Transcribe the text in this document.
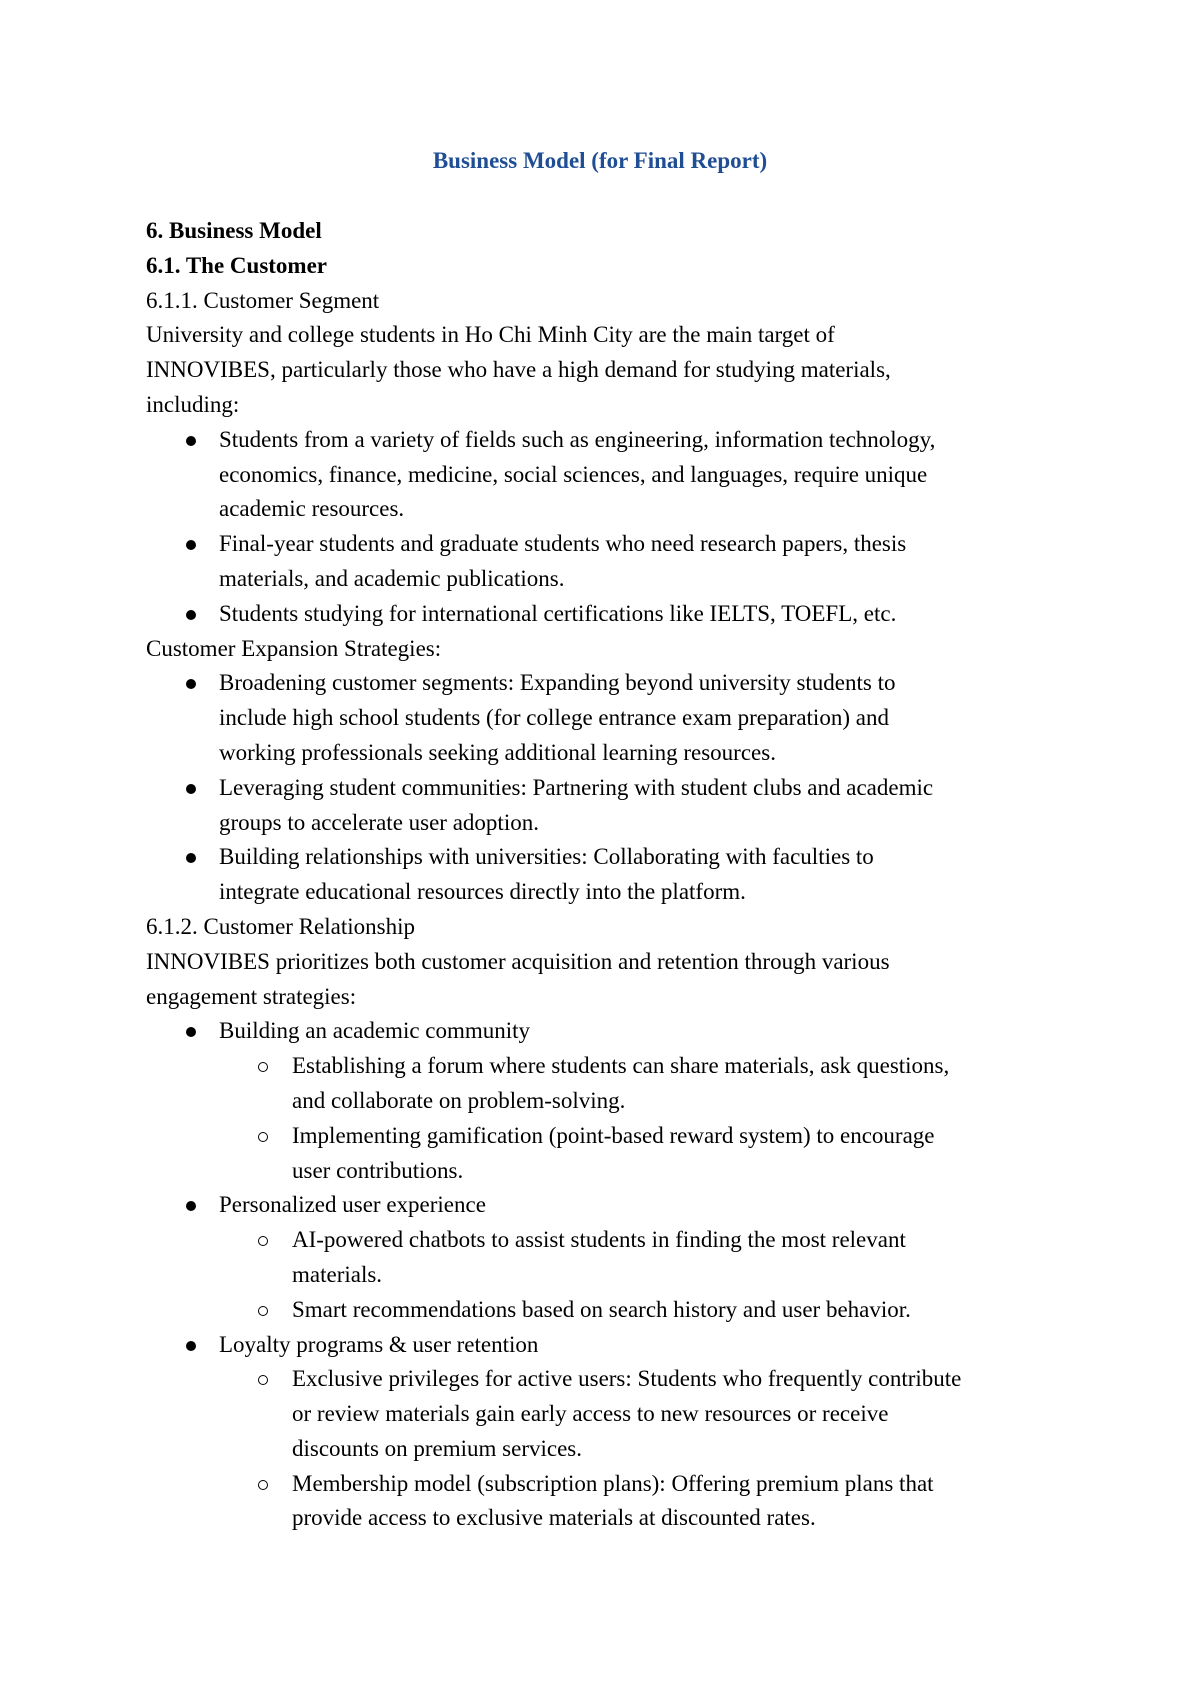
Business Model (for Final Report)

6. Business Model

6.1. The Customer

6.1.1. Customer Segment

University and college students in Ho Chi Minh City are the main target of

INNOVIBES, particularly those who have a high demand for studying materials,

including:

Students from a variety of fields such as engineering, information technology,

economics, finance, medicine, social sciences, and languages, require unique

academic resources.

Final-year students and graduate students who need research papers, thesis

materials, and academic publications.

Students studying for international certifications like IELTS, TOEFL, etc.

Customer Expansion Strategies:

Broadening customer segments: Expanding beyond university students to

include high school students (for college entrance exam preparation) and

working professionals seeking additional learning resources.

Leveraging student communities: Partnering with student clubs and academic

groups to accelerate user adoption.

Building relationships with universities: Collaborating with faculties to

integrate educational resources directly into the platform.

6.1.2. Customer Relationship

INNOVIBES prioritizes both customer acquisition and retention through various

engagement strategies:

Building an academic community

Establishing a forum where students can share materials, ask questions,

and collaborate on problem-solving.

Implementing gamification (point-based reward system) to encourage

user contributions.

Personalized user experience

AI-powered chatbots to assist students in finding the most relevant

materials.

Smart recommendations based on search history and user behavior.

Loyalty programs & user retention

Exclusive privileges for active users: Students who frequently contribute

or review materials gain early access to new resources or receive

discounts on premium services.

Membership model (subscription plans): Offering premium plans that

provide access to exclusive materials at discounted rates.
